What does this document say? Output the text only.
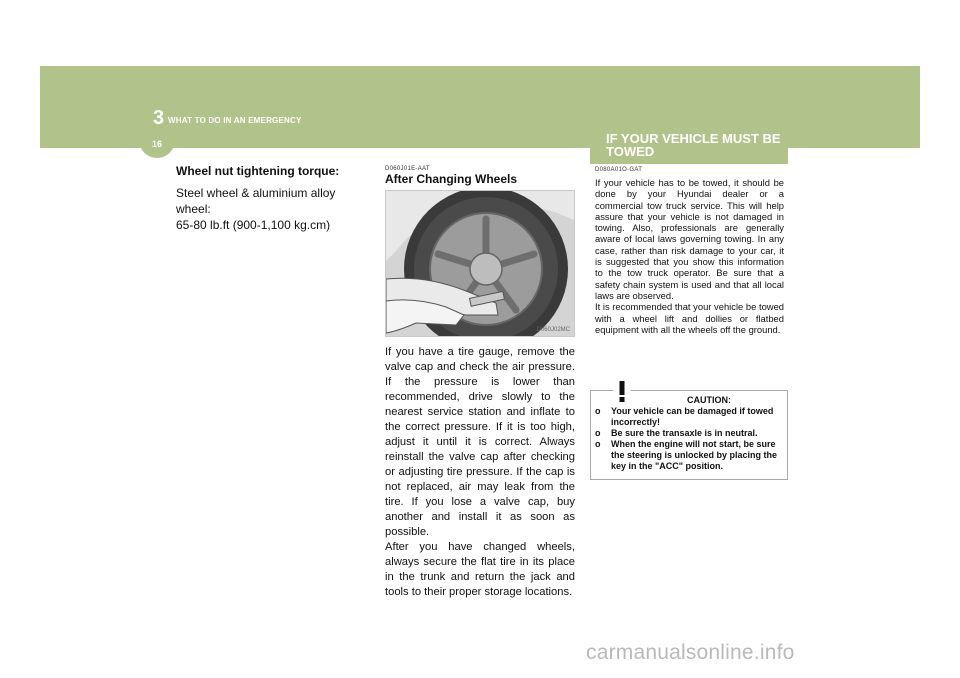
3 WHAT TO DO IN AN EMERGENCY
16	IF YOUR VEHICLE MUST BE TOWED

Wheel nut tightening torque:

Steel wheel & aluminium alloy wheel:

65-80 lb.ft (900-1,100 kg.cm)

D060J01E-AAT

After Changing Wheels

D060J02MC

If you have a tire gauge, remove the valve cap and check the air pressure. If the pressure is lower than recommended, drive slowly to the nearest service station and inflate to the correct pressure. If it is too high, adjust it until it is correct. Always reinstall the valve cap after checking or adjusting tire pressure. If the cap is not replaced, air may leak from the tire. If you lose a valve cap, buy another and install it as soon as possible.

After you have changed wheels, always secure the flat tire in its place in the trunk and return the jack and tools to their proper storage locations.

D080A01O-GAT

If your vehicle has to be towed, it should be done by your Hyundai dealer or a commercial tow truck service. This will help assure that your vehicle is not damaged in towing. Also, professionals are generally aware of local laws governing towing. In any case, rather than risk damage to your car, it is suggested that you show this information to the tow truck operator. Be sure that a safety chain system is used and that all local laws are observed.

It is recommended that your vehicle be towed with a wheel lift and dollies or flatbed equipment with all the wheels off the ground.

CAUTION:
o Your vehicle can be damaged if towed incorrectly!
o Be sure the transaxle is in neutral.
o When the engine will not start, be sure the steering is unlocked by placing the key in the "ACC" position.
carmanualsonline.info
